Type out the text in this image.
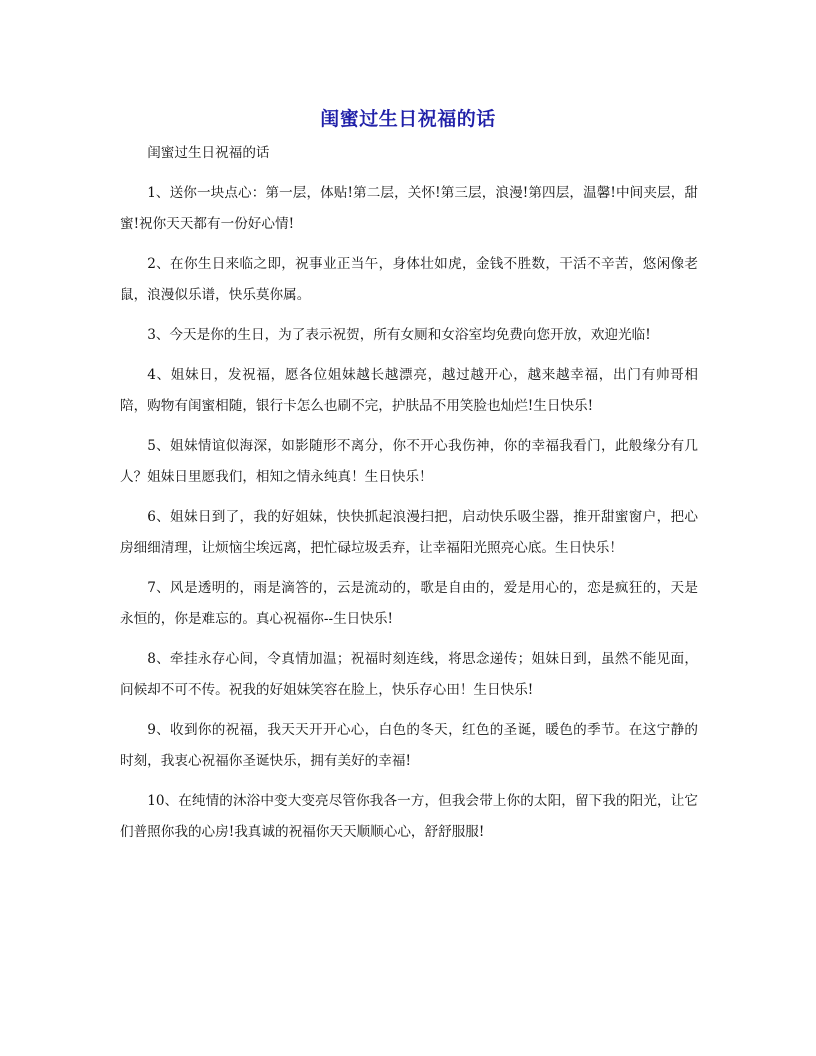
闺蜜过生日祝福的话

闺蜜过生日祝福的话

1、送你一块点心：第一层，体贴!第二层，关怀!第三层，浪漫!第四层，温馨!中间夹层，甜蜜!祝你天天都有一份好心情!

2、在你生日来临之即，祝事业正当午，身体壮如虎，金钱不胜数，干活不辛苦，悠闲像老鼠，浪漫似乐谱，快乐莫你属。

3、今天是你的生日，为了表示祝贺，所有女厕和女浴室均免费向您开放，欢迎光临!

4、姐妹日，发祝福，愿各位姐妹越长越漂亮，越过越开心，越来越幸福，出门有帅哥相陪，购物有闺蜜相随，银行卡怎么也刷不完，护肤品不用笑脸也灿烂!生日快乐!

5、姐妹情谊似海深，如影随形不离分，你不开心我伤神，你的幸福我看门，此般缘分有几人？姐妹日里愿我们，相知之情永纯真！生日快乐！

6、姐妹日到了，我的好姐妹，快快抓起浪漫扫把，启动快乐吸尘器，推开甜蜜窗户，把心房细细清理，让烦恼尘埃远离，把忙碌垃圾丢弃，让幸福阳光照亮心底。生日快乐！

7、风是透明的，雨是滴答的，云是流动的，歌是自由的，爱是用心的，恋是疯狂的，天是永恒的，你是难忘的。真心祝福你--生日快乐!

8、牵挂永存心间，令真情加温；祝福时刻连线，将思念递传；姐妹日到，虽然不能见面，问候却不可不传。祝我的好姐妹笑容在脸上，快乐存心田！生日快乐!

9、收到你的祝福，我天天开开心心，白色的冬天，红色的圣诞，暖色的季节。在这宁静的时刻，我衷心祝福你圣诞快乐，拥有美好的幸福!

10、在纯情的沐浴中变大变亮尽管你我各一方，但我会带上你的太阳，留下我的阳光，让它们普照你我的心房!我真诚的祝福你天天顺顺心心，舒舒服服!
